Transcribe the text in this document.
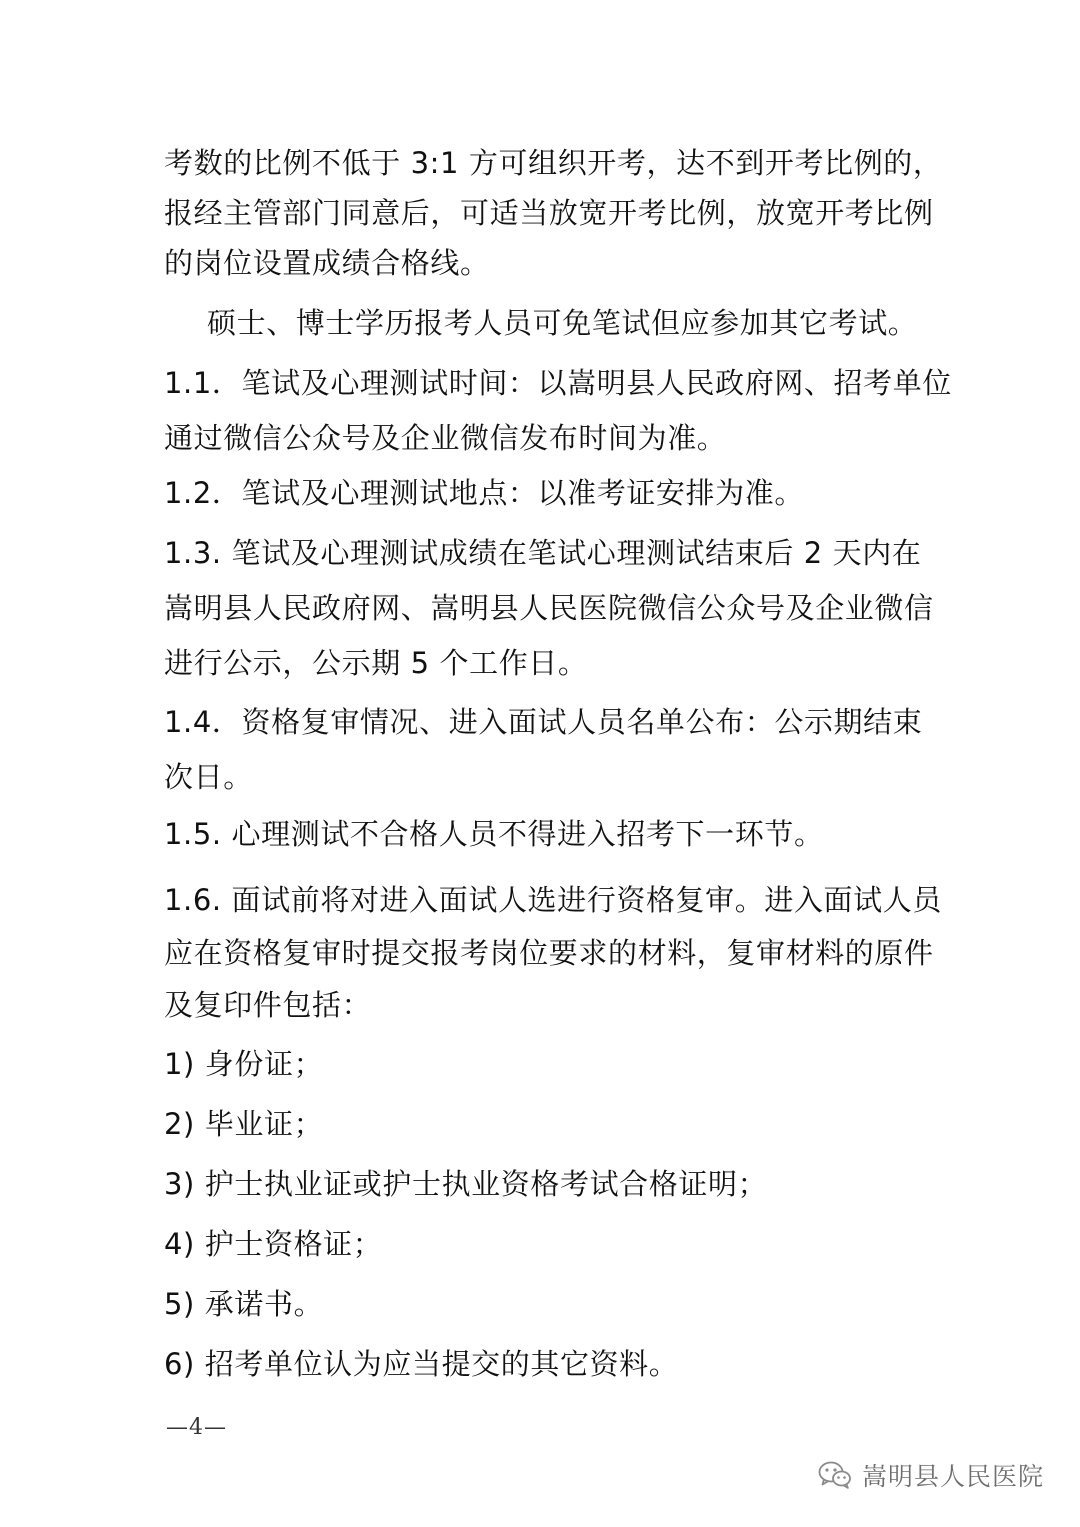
考数的比例不低于 3:1 方可组织开考，达不到开考比例的，
报经主管部门同意后，可适当放宽开考比例，放宽开考比例
的岗位设置成绩合格线。
硕士、博士学历报考人员可免笔试但应参加其它考试。
1.1．笔试及心理测试时间：以嵩明县人民政府网、招考单位
通过微信公众号及企业微信发布时间为准。
1.2．笔试及心理测试地点：以准考证安排为准。
1.3. 笔试及心理测试成绩在笔试心理测试结束后 2 天内在
嵩明县人民政府网、嵩明县人民医院微信公众号及企业微信
进行公示，公示期 5 个工作日。
1.4．资格复审情况、进入面试人员名单公布：公示期结束
次日。
1.5. 心理测试不合格人员不得进入招考下一环节。
1.6. 面试前将对进入面试人选进行资格复审。进入面试人员
应在资格复审时提交报考岗位要求的材料，复审材料的原件
及复印件包括：
1) 身份证；
2) 毕业证；
3) 护士执业证或护士执业资格考试合格证明；
4) 护士资格证；
5) 承诺书。
6) 招考单位认为应当提交的其它资料。
—4—
嵩明县人民医院
